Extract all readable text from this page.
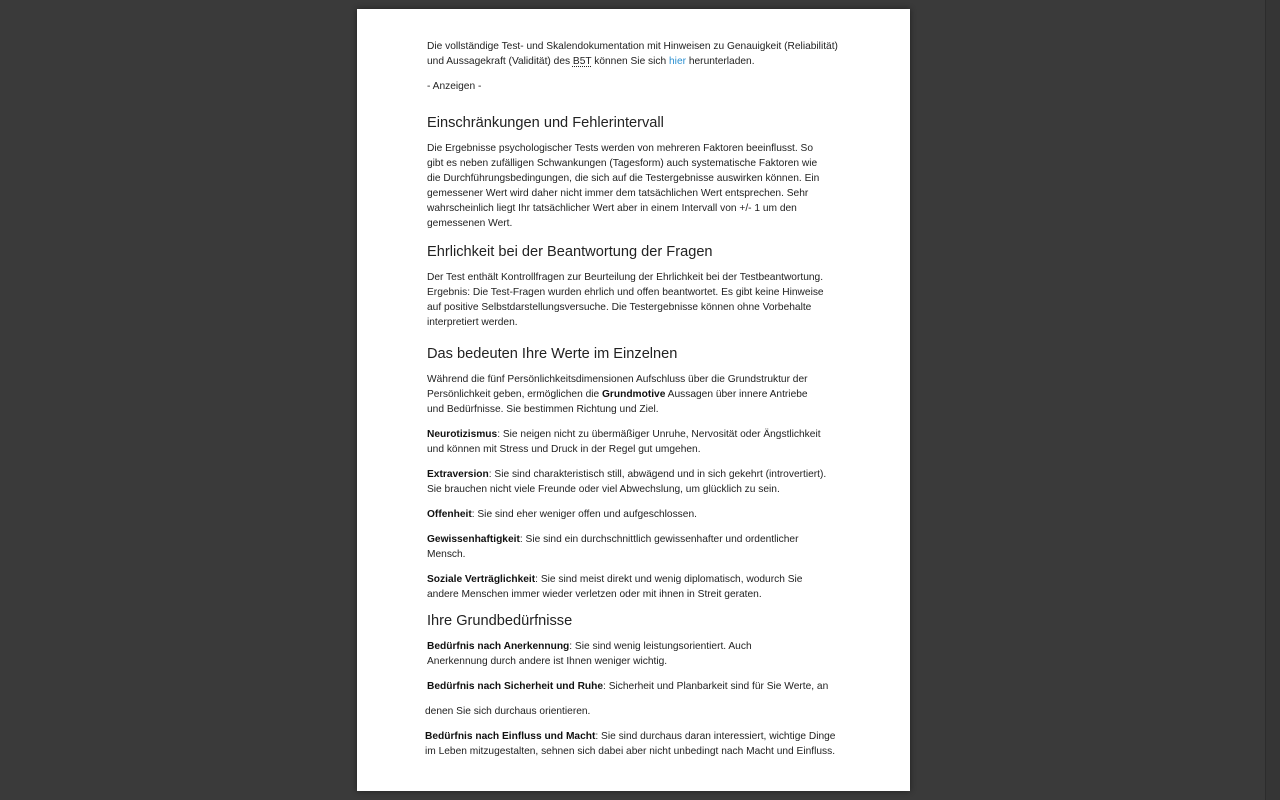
Die vollständige Test- und Skalendokumentation mit Hinweisen zu Genauigkeit (Reliabilität) und Aussagekraft (Validität) des B5T können Sie sich hier herunterladen.

- Anzeigen -

Einschränkungen und Fehlerintervall

Die Ergebnisse psychologischer Tests werden von mehreren Faktoren beeinflusst. So gibt es neben zufälligen Schwankungen (Tagesform) auch systematische Faktoren wie die Durchführungsbedingungen, die sich auf die Testergebnisse auswirken können. Ein gemessener Wert wird daher nicht immer dem tatsächlichen Wert entsprechen. Sehr wahrscheinlich liegt Ihr tatsächlicher Wert aber in einem Intervall von +/- 1 um den gemessenen Wert.

Ehrlichkeit bei der Beantwortung der Fragen

Der Test enthält Kontrollfragen zur Beurteilung der Ehrlichkeit bei der Testbeantwortung. Ergebnis: Die Test-Fragen wurden ehrlich und offen beantwortet. Es gibt keine Hinweise auf positive Selbstdarstellungsversuche. Die Testergebnisse können ohne Vorbehalte interpretiert werden.

Das bedeuten Ihre Werte im Einzelnen

Während die fünf Persönlichkeitsdimensionen Aufschluss über die Grundstruktur der Persönlichkeit geben, ermöglichen die Grundmotive Aussagen über innere Antriebe und Bedürfnisse. Sie bestimmen Richtung und Ziel.

Neurotizismus: Sie neigen nicht zu übermäßiger Unruhe, Nervosität oder Ängstlichkeit und können mit Stress und Druck in der Regel gut umgehen.

Extraversion: Sie sind charakteristisch still, abwägend und in sich gekehrt (introvertiert). Sie brauchen nicht viele Freunde oder viel Abwechslung, um glücklich zu sein.

Offenheit: Sie sind eher weniger offen und aufgeschlossen.

Gewissenhaftigkeit: Sie sind ein durchschnittlich gewissenhafter und ordentlicher Mensch.

Soziale Verträglichkeit: Sie sind meist direkt und wenig diplomatisch, wodurch Sie andere Menschen immer wieder verletzen oder mit ihnen in Streit geraten.

Ihre Grundbedürfnisse

Bedürfnis nach Anerkennung: Sie sind wenig leistungsorientiert. Auch Anerkennung durch andere ist Ihnen weniger wichtig.

Bedürfnis nach Sicherheit und Ruhe: Sicherheit und Planbarkeit sind für Sie Werte, an

denen Sie sich durchaus orientieren.

Bedürfnis nach Einfluss und Macht: Sie sind durchaus daran interessiert, wichtige Dinge im Leben mitzugestalten, sehnen sich dabei aber nicht unbedingt nach Macht und Einfluss.
